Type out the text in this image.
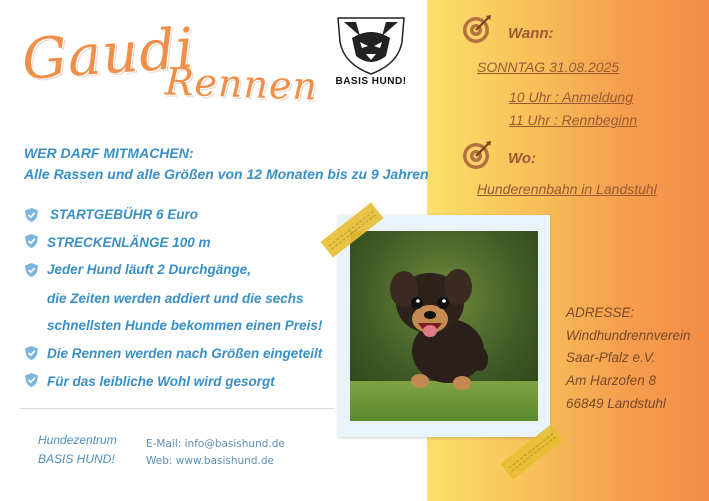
Gaudi
Rennen	BASIS HUND!
WER DARF MITMACHEN:
Alle Rassen und alle Größen von 12 Monaten bis zu 9 Jahren
STARTGEBÜHR 6 Euro
STRECKENLÄNGE 100 m
Jeder Hund läuft 2 Durchgänge,
die Zeiten werden addiert und die sechs
schnellsten Hunde bekommen einen Preis!
Die Rennen werden nach Größen eingeteilt
Für das leibliche Wohl wird gesorgt
Hundezentrum
BASIS HUND!
E-Mail: info@basishund.de
Web: www.basishund.de
Wann:
SONNTAG 31.08.2025
10 Uhr : Anmeldung
11 Uhr : Rennbeginn
Wo:
Hunderennbahn in Landstuhl
ADRESSE:
Windhundrennverein
Saar-Pfalz e.V.
Am Harzofen 8
66849 Landstuhl
